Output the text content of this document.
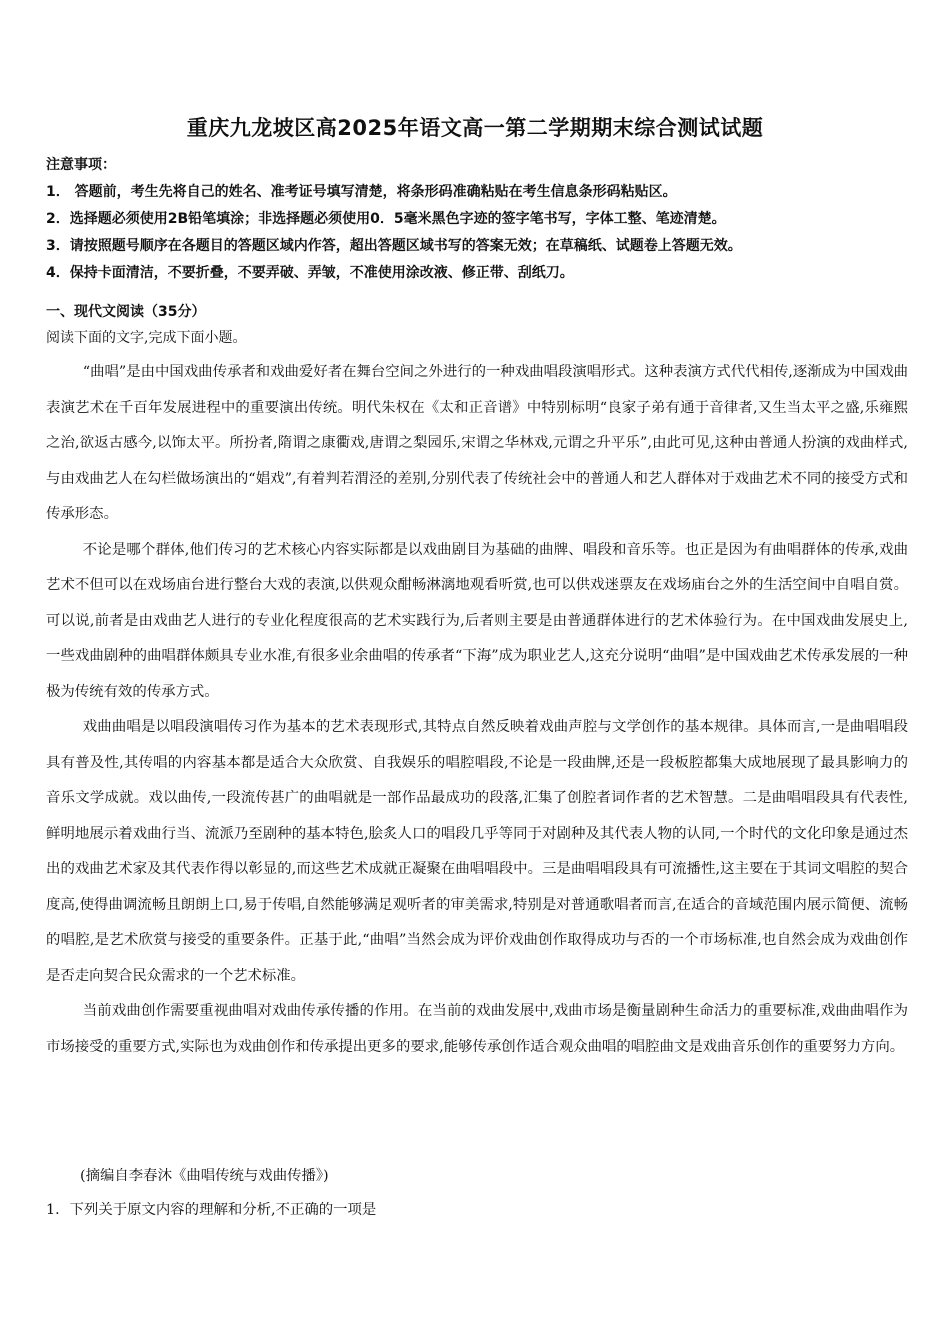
重庆九龙坡区高2025年语文高一第二学期期末综合测试试题
注意事项：
1． 答题前，考生先将自己的姓名、准考证号填写清楚，将条形码准确粘贴在考生信息条形码粘贴区。
2．选择题必须使用2B铅笔填涂；非选择题必须使用0．5毫米黑色字迹的签字笔书写，字体工整、笔迹清楚。
3．请按照题号顺序在各题目的答题区域内作答，超出答题区域书写的答案无效；在草稿纸、试题卷上答题无效。
4．保持卡面清洁，不要折叠，不要弄破、弄皱，不准使用涂改液、修正带、刮纸刀。
一、现代文阅读（35分）
阅读下面的文字,完成下面小题。

“曲唱”是由中国戏曲传承者和戏曲爱好者在舞台空间之外进行的一种戏曲唱段演唱形式。这种表演方式代代相传,逐渐成为中国戏曲表演艺术在千百年发展进程中的重要演出传统。明代朱权在《太和正音谱》中特别标明“良家子弟有通于音律者,又生当太平之盛,乐雍熙之治,欲返古感今,以饰太平。所扮者,隋谓之康衢戏,唐谓之梨园乐,宋谓之华林戏,元谓之升平乐”,由此可见,这种由普通人扮演的戏曲样式,与由戏曲艺人在勾栏做场演出的“娼戏”,有着判若渭泾的差别,分别代表了传统社会中的普通人和艺人群体对于戏曲艺术不同的接受方式和传承形态。

不论是哪个群体,他们传习的艺术核心内容实际都是以戏曲剧目为基础的曲牌、唱段和音乐等。也正是因为有曲唱群体的传承,戏曲艺术不但可以在戏场庙台进行整台大戏的表演,以供观众酣畅淋漓地观看听赏,也可以供戏迷票友在戏场庙台之外的生活空间中自唱自赏。可以说,前者是由戏曲艺人进行的专业化程度很高的艺术实践行为,后者则主要是由普通群体进行的艺术体验行为。在中国戏曲发展史上,一些戏曲剧种的曲唱群体颇具专业水准,有很多业余曲唱的传承者“下海”成为职业艺人,这充分说明“曲唱”是中国戏曲艺术传承发展的一种极为传统有效的传承方式。

戏曲曲唱是以唱段演唱传习作为基本的艺术表现形式,其特点自然反映着戏曲声腔与文学创作的基本规律。具体而言,一是曲唱唱段具有普及性,其传唱的内容基本都是适合大众欣赏、自我娱乐的唱腔唱段,不论是一段曲牌,还是一段板腔都集大成地展现了最具影响力的音乐文学成就。戏以曲传,一段流传甚广的曲唱就是一部作品最成功的段落,汇集了创腔者词作者的艺术智慧。二是曲唱唱段具有代表性,鲜明地展示着戏曲行当、流派乃至剧种的基本特色,脍炙人口的唱段几乎等同于对剧种及其代表人物的认同,一个时代的文化印象是通过杰出的戏曲艺术家及其代表作得以彰显的,而这些艺术成就正凝聚在曲唱唱段中。三是曲唱唱段具有可流播性,这主要在于其词文唱腔的契合度高,使得曲调流畅且朗朗上口,易于传唱,自然能够满足观听者的审美需求,特别是对普通歌唱者而言,在适合的音域范围内展示简便、流畅的唱腔,是艺术欣赏与接受的重要条件。正基于此,“曲唱”当然会成为评价戏曲创作取得成功与否的一个市场标准,也自然会成为戏曲创作是否走向契合民众需求的一个艺术标准。

当前戏曲创作需要重视曲唱对戏曲传承传播的作用。在当前的戏曲发展中,戏曲市场是衡量剧种生命活力的重要标准,戏曲曲唱作为市场接受的重要方式,实际也为戏曲创作和传承提出更多的要求,能够传承创作适合观众曲唱的唱腔曲文是戏曲音乐创作的重要努力方向。

(摘编自李春沐《曲唱传统与戏曲传播》)
1．下列关于原文内容的理解和分析,不正确的一项是
